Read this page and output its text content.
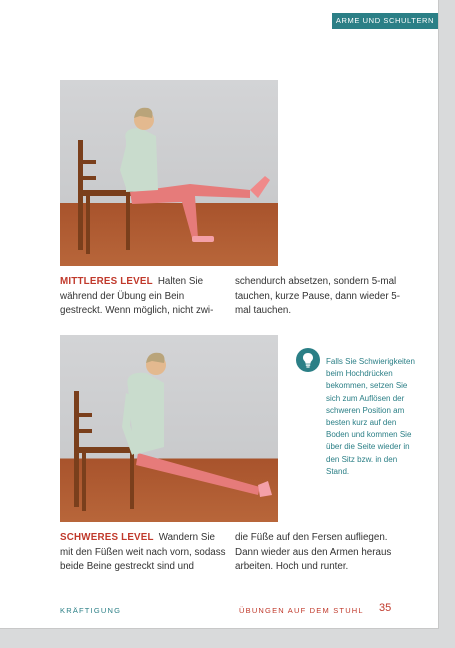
ARME UND SCHULTERN

MITTLERES LEVEL Halten Sie während der Übung ein Bein gestreckt. Wenn möglich, nicht zwi-

schendurch absetzen, sondern 5-mal tauchen, kurze Pause, dann wieder 5-mal tauchen.

Falls Sie Schwierigkeiten beim Hochdrücken bekommen, setzen Sie sich zum Auflösen der schweren Position am besten kurz auf den Boden und kommen Sie über die Seite wieder in den Sitz bzw. in den Stand.

SCHWERES LEVEL Wandern Sie mit den Füßen weit nach vorn, sodass beide Beine gestreckt sind und

die Füße auf den Fersen aufliegen. Dann wieder aus den Armen heraus arbeiten. Hoch und runter.

KRÄFTIGUNG	ÜBUNGEN AUF DEM STUHL 35
